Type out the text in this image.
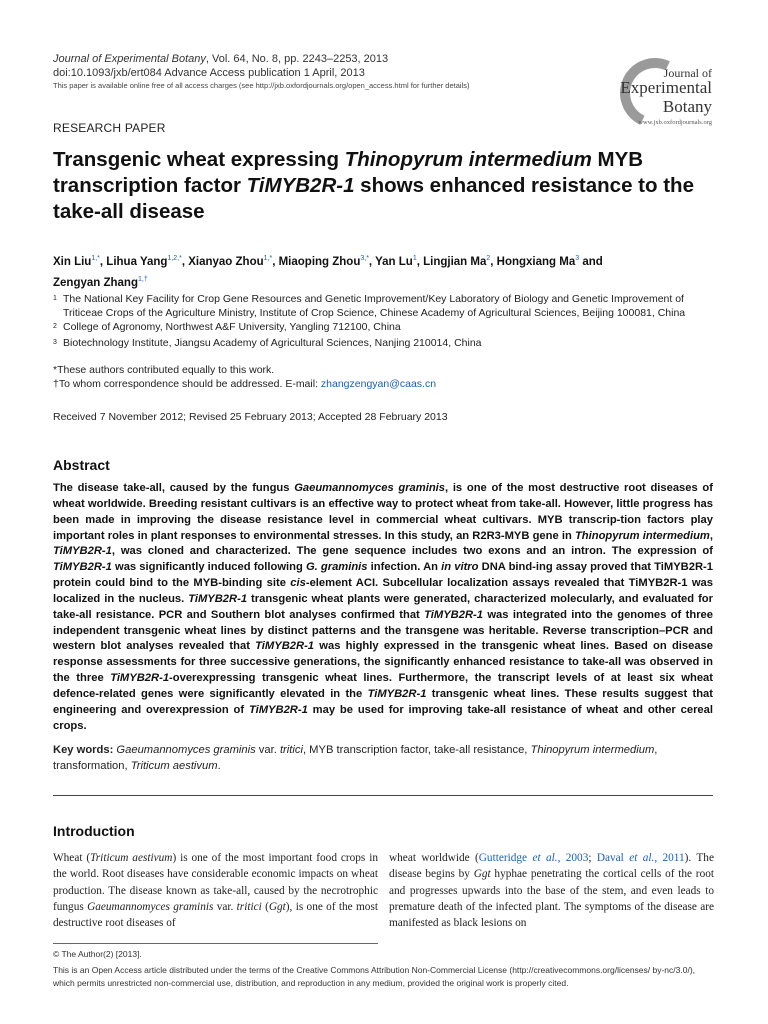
Journal of Experimental Botany, Vol. 64, No. 8, pp. 2243–2253, 2013
doi:10.1093/jxb/ert084 Advance Access publication 1 April, 2013
This paper is available online free of all access charges (see http://jxb.oxfordjournals.org/open_access.html for further details)
Journal of
Experimental
Botany
www.jxb.oxfordjournals.org
RESEARCH PAPER
Transgenic wheat expressing Thinopyrum intermedium MYB transcription factor TiMYB2R-1 shows enhanced resistance to the take-all disease
Xin Liu$^{1,*}$, Lihua Yang$^{1,2,*}$, Xianyao Zhou$^{1,*}$, Miaoping Zhou$^{3,*}$, Yan Lu$^1$, Lingjian Ma$^2$, Hongxiang Ma$^3$ and
Zengyan Zhang$^{1,\dagger}$
1 The National Key Facility for Crop Gene Resources and Genetic Improvement/Key Laboratory of Biology and Genetic Improvement of Triticeae Crops of the Agriculture Ministry, Institute of Crop Science, Chinese Academy of Agricultural Sciences, Beijing 100081, China
2 College of Agronomy, Northwest A&F University, Yangling 712100, China
3 Biotechnology Institute, Jiangsu Academy of Agricultural Sciences, Nanjing 210014, China
*These authors contributed equally to this work.
†To whom correspondence should be addressed. E-mail: zhangzengyan@caas.cn
Received 7 November 2012; Revised 25 February 2013; Accepted 28 February 2013
Abstract

The disease take-all, caused by the fungus Gaeumannomyces graminis, is one of the most destructive root diseases of wheat worldwide. Breeding resistant cultivars is an effective way to protect wheat from take-all. However, little progress has been made in improving the disease resistance level in commercial wheat cultivars. MYB transcrip-tion factors play important roles in plant responses to environmental stresses. In this study, an R2R3-MYB gene in Thinopyrum intermedium, TiMYB2R-1, was cloned and characterized. The gene sequence includes two exons and an intron. The expression of TiMYB2R-1 was significantly induced following G. graminis infection. An in vitro DNA bind-ing assay proved that TiMYB2R-1 protein could bind to the MYB-binding site cis-element ACI. Subcellular localization assays revealed that TiMYB2R-1 was localized in the nucleus. TiMYB2R-1 transgenic wheat plants were generated, characterized molecularly, and evaluated for take-all resistance. PCR and Southern blot analyses confirmed that TiMYB2R-1 was integrated into the genomes of three independent transgenic wheat lines by distinct patterns and the transgene was heritable. Reverse transcription–PCR and western blot analyses revealed that TiMYB2R-1 was highly expressed in the transgenic wheat lines. Based on disease response assessments for three successive generations, the significantly enhanced resistance to take-all was observed in the three TiMYB2R-1-overexpressing transgenic wheat lines. Furthermore, the transcript levels of at least six wheat defence-related genes were significantly elevated in the TiMYB2R-1 transgenic wheat lines. These results suggest that engineering and overexpression of TiMYB2R-1 may be used for improving take-all resistance of wheat and other cereal crops.

Key words: Gaeumannomyces graminis var. tritici, MYB transcription factor, take-all resistance, Thinopyrum intermedium, transformation, Triticum aestivum.
Introduction

Wheat (Triticum aestivum) is one of the most important food crops in the world. Root diseases have considerable economic impacts on wheat production. The disease known as take-all, caused by the necrotrophic fungus Gaeumannomyces graminis var. tritici (Ggt), is one of the most destructive root diseases of

wheat worldwide (Gutteridge et al., 2003; Daval et al., 2011). The disease begins by Ggt hyphae penetrating the cortical cells of the root and progresses upwards into the base of the stem, and even leads to premature death of the infected plant. The symptoms of the disease are manifested as black lesions on

© The Author(2) [2013].
This is an Open Access article distributed under the terms of the Creative Commons Attribution Non-Commercial License (http://creativecommons.org/licenses/ by-nc/3.0/), which permits unrestricted non-commercial use, distribution, and reproduction in any medium, provided the original work is properly cited.
